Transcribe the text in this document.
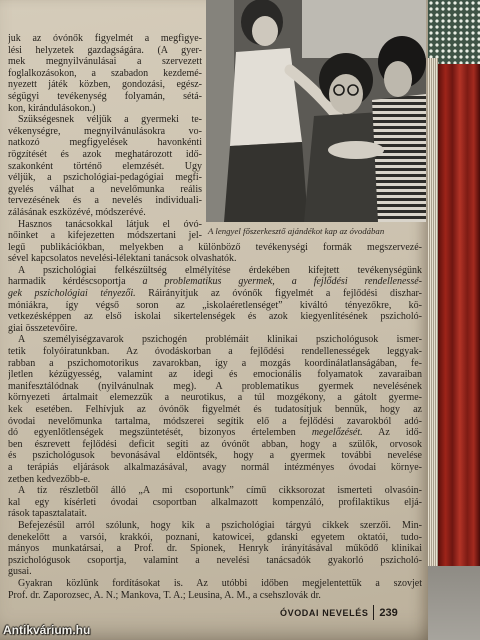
A lengyel főszerkesztő ajándékot kap az óvodában
juk az óvónők figyelmét a megfigye-
lési helyzetek gazdagságára. (A gyer-
mek megnyilvánulásai a szervezett
foglalkozásokon, a szabadon kezdemé-
nyezett játék közben, gondozási, egész-
ségügyi tevékenység folyamán, sétá-
kon, kirándulásokon.)
Szükségesnek véljük a gyermeki te-
vékenységre, megnyilvánulásokra vo-
natkozó megfigyelések havonkénti
rögzítését és azok meghatározott idő-
szakonként történő elemzését. Úgy
véljük, a pszichológiai-pedagógiai megfi-
gyelés válhat a nevelőmunka reális
tervezésének és a nevelés individuali-
zálásának eszközévé, módszerévé.
Hasznos tanácsokkal látjuk el óvó-
nőinket a kifejezetten módszertani jel-
legű publikációkban, melyekben a különböző tevékenységi formák megszervezé-
sével kapcsolatos nevelési-lélektani tanácsok olvashatók.
A pszichológiai felkészültség elmélyítése érdekében kifejtett tevékenységünk
harmadik kérdéscsoportja a problematikus gyermek, a fejlődési rendellenessé-
gek pszichológiai tényezői. Ráirányítjuk az óvónők figyelmét a fejlődési diszhar-
móniákra, így végső soron az „iskolaéretlenséget” kiváltó tényezőkre, kö-
vetkezésképpen az első iskolai sikertelenségek és azok kiegyenlítésének pszicholó-
giai összetevőire.
A személyiségzavarok pszichogén problémáit klinikai pszichológusok ismer-
tetik folyóiratunkban. Az óvodáskorban a fejlődési rendellenességek leggyak-
rabban a pszichomotorikus zavarokban, így a mozgás koordinálatlanságában, fe-
jletlen kézügyesség, valamint az idegi és emocionális folyamatok zavaraiban
manifesztálódnak (nyilvánulnak meg). A problematikus gyermek nevelésének
környezeti ártalmait elemezzük a neurotikus, a túl mozgékony, a gátolt gyerme-
kek esetében. Felhívjuk az óvónők figyelmét és tudatosítjuk bennük, hogy az
óvodai nevelőmunka tartalma, módszerei segítik elő a fejlődési zavarokból adó-
dó egyenlőtlenségek megszüntetését, bizonyos értelemben megelőzését. Az idő-
ben észrevett fejlődési deficit segíti az óvónőt abban, hogy a szülők, orvosok
és pszichológusok bevonásával eldöntsék, hogy a gyermek további nevelése
a terápiás eljárások alkalmazásával, avagy normál intézményes óvodai környe-
zetben kedvezőbb-e.
A tíz részletből álló „A mi csoportunk” című cikksorozat ismerteti olvasóin-
kal egy kísérleti óvodai csoportban alkalmazott kompenzáló, profilaktikus eljá-
rások tapasztalatait.
Befejezésül arról szólunk, hogy kik a pszichológiai tárgyú cikkek szerzői. Min-
denekelőtt a varsói, krakkói, poznani, katowicei, gdanski egyetem oktatói, tudo-
mányos munkatársai, a Prof. dr. Spionek, Henryk irányításával működő klinikai
pszichológusok csoportja, valamint a nevelési tanácsadók gyakorló pszicholó-
gusai.
Gyakran közlünk fordításokat is. Az utóbbi időben megjelentettük a szovjet
Prof. dr. Zaporozsec, A. N.; Mankova, T. A.; Leusina, A. M., a csehszlovák dr.
ÓVODAI NEVELÉS 239
Antikvárium.hu
